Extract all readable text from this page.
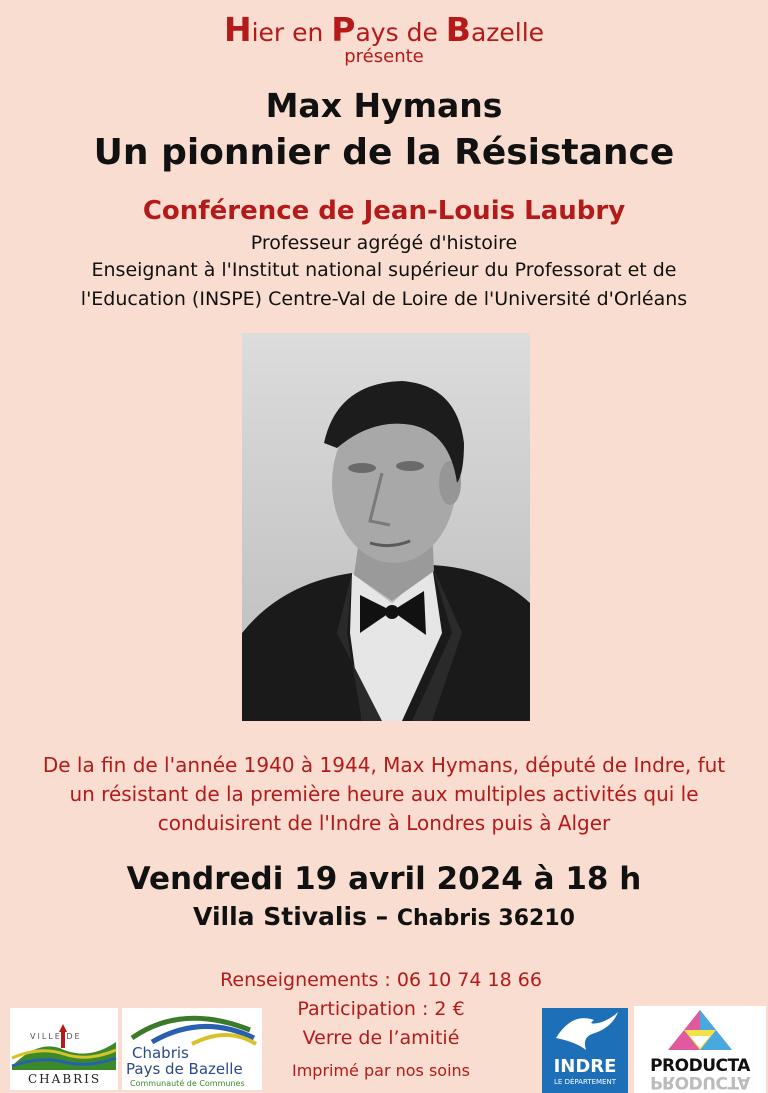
Hier en Pays de Bazelle
présente
Max Hymans
Un pionnier de la Résistance
Conférence de Jean-Louis Laubry
Professeur agrégé d'histoire
Enseignant à l'Institut national supérieur du Professorat et de
l'Education (INSPE) Centre-Val de Loire de l'Université d'Orléans
De la fin de l'année 1940 à 1944, Max Hymans, député de Indre, fut
un résistant de la première heure aux multiples activités qui le
conduisirent de l'Indre à Londres puis à Alger
Vendredi 19 avril 2024 à 18 h
Villa Stivalis – Chabris 36210
Renseignements : 06 10 74 18 66
Participation : 2 €
Verre de l’amitié
Imprimé par nos soins
VILLE DE
CHABRIS
Chabris
Pays de Bazelle
Communauté de Communes
INDRE
LE DÉPARTEMENT
PRODUCTA
PRODUCTA
